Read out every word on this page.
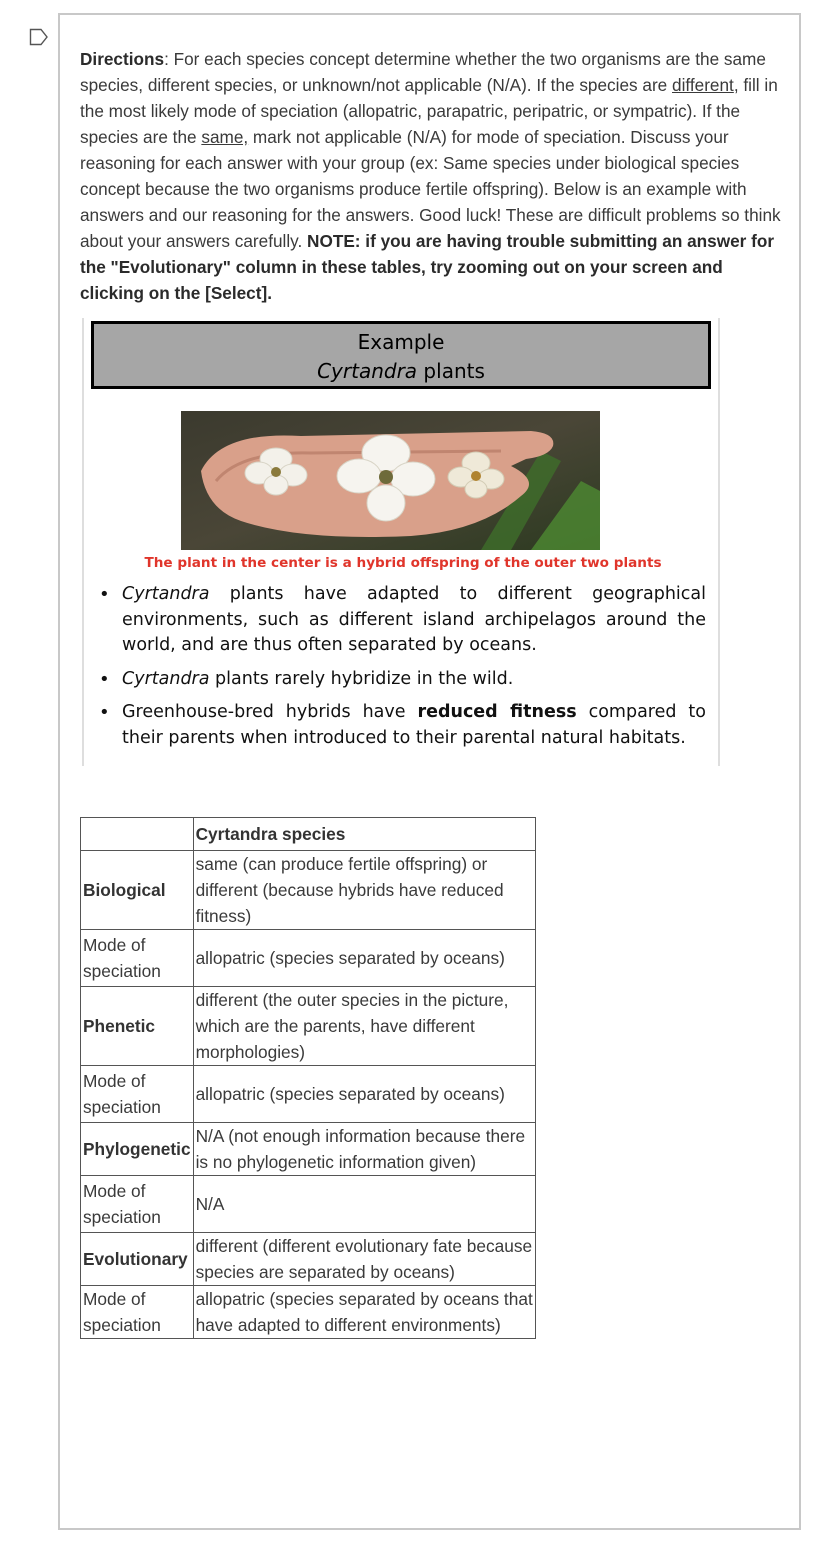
Directions: For each species concept determine whether the two organisms are the same species, different species, or unknown/not applicable (N/A). If the species are different, fill in the most likely mode of speciation (allopatric, parapatric, peripatric, or sympatric). If the species are the same, mark not applicable (N/A) for mode of speciation. Discuss your reasoning for each answer with your group (ex: Same species under biological species concept because the two organisms produce fertile offspring). Below is an example with answers and our reasoning for the answers. Good luck! These are difficult problems so think about your answers carefully. NOTE: if you are having trouble submitting an answer for the "Evolutionary" column in these tables, try zooming out on your screen and clicking on the [Select].

Example
Cyrtandra plants
The plant in the center is a hybrid offspring of the outer two plants
• Cyrtandra plants have adapted to different geographical environments, such as different island archipelagos around the world, and are thus often separated by oceans.
• Cyrtandra plants rarely hybridize in the wild.
• Greenhouse-bred hybrids have reduced fitness compared to their parents when introduced to their parental natural habitats.
	Cyrtandra species
Biological	same (can produce fertile offspring) or different (because hybrids have reduced fitness)
Mode of speciation	allopatric (species separated by oceans)
Phenetic	different (the outer species in the picture, which are the parents, have different morphologies)
Mode of speciation	allopatric (species separated by oceans)
Phylogenetic	N/A (not enough information because there is no phylogenetic information given)
Mode of speciation	N/A
Evolutionary	different (different evolutionary fate because species are separated by oceans)
Mode of speciation	allopatric (species separated by oceans that have adapted to different environments)
